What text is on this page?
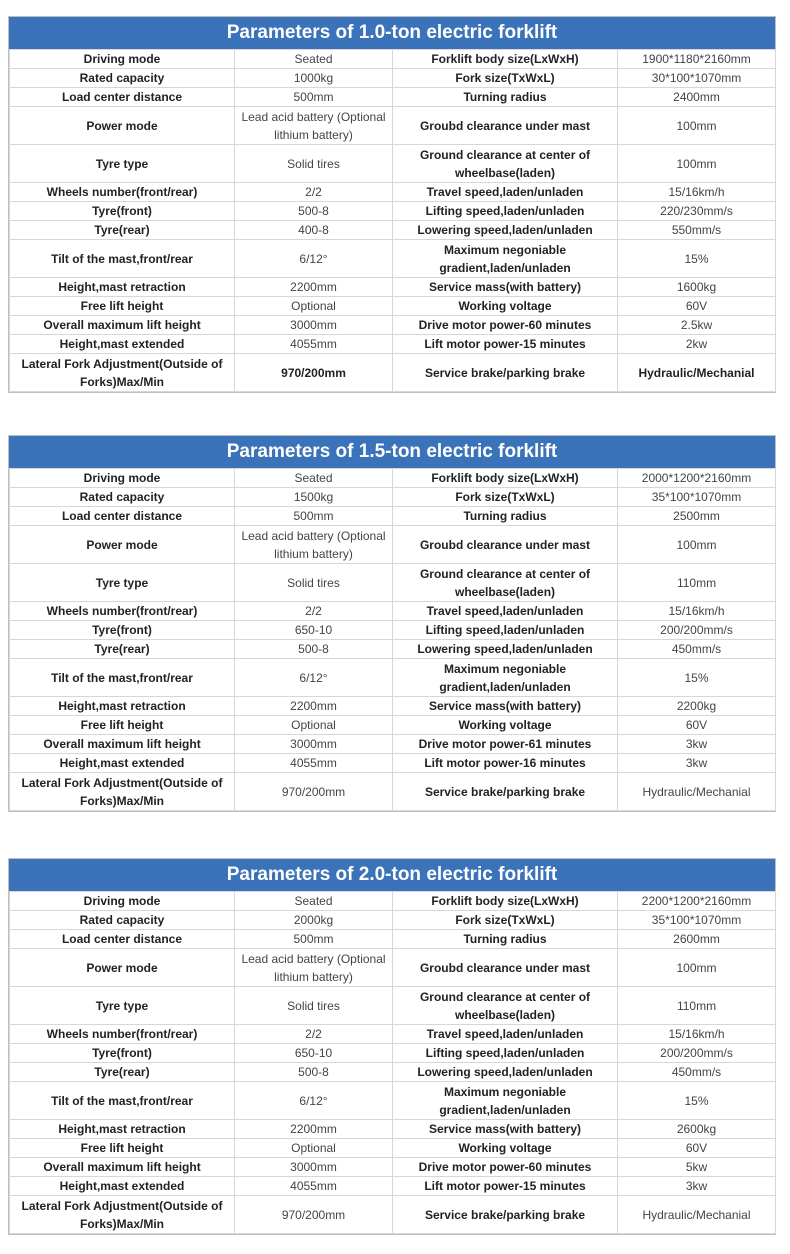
Parameters of 1.0-ton electric forklift
Driving mode	Seated	Forklift body size(LxWxH)	1900*1180*2160mm
Rated capacity	1000kg	Fork size(TxWxL)	30*100*1070mm
Load center distance	500mm	Turning radius	2400mm
Power mode	Lead acid battery (Optional lithium battery)	Groubd clearance under mast	100mm
Tyre type	Solid tires	Ground clearance at center of wheelbase(laden)	100mm
Wheels number(front/rear)	2/2	Travel speed,laden/unladen	15/16km/h
Tyre(front)	500-8	Lifting speed,laden/unladen	220/230mm/s
Tyre(rear)	400-8	Lowering speed,laden/unladen	550mm/s
Tilt of the mast,front/rear	6/12°	Maximum negoniable gradient,laden/unladen	15%
Height,mast retraction	2200mm	Service mass(with battery)	1600kg
Free lift height	Optional	Working voltage	60V
Overall maximum lift height	3000mm	Drive motor power-60 minutes	2.5kw
Height,mast extended	4055mm	Lift motor power-15 minutes	2kw
Lateral Fork Adjustment(Outside of Forks)Max/Min	970/200mm	Service brake/parking brake	Hydraulic/Mechanial
Parameters of 1.5-ton electric forklift
Driving mode	Seated	Forklift body size(LxWxH)	2000*1200*2160mm
Rated capacity	1500kg	Fork size(TxWxL)	35*100*1070mm
Load center distance	500mm	Turning radius	2500mm
Power mode	Lead acid battery (Optional lithium battery)	Groubd clearance under mast	100mm
Tyre type	Solid tires	Ground clearance at center of wheelbase(laden)	110mm
Wheels number(front/rear)	2/2	Travel speed,laden/unladen	15/16km/h
Tyre(front)	650-10	Lifting speed,laden/unladen	200/200mm/s
Tyre(rear)	500-8	Lowering speed,laden/unladen	450mm/s
Tilt of the mast,front/rear	6/12°	Maximum negoniable gradient,laden/unladen	15%
Height,mast retraction	2200mm	Service mass(with battery)	2200kg
Free lift height	Optional	Working voltage	60V
Overall maximum lift height	3000mm	Drive motor power-61 minutes	3kw
Height,mast extended	4055mm	Lift motor power-16 minutes	3kw
Lateral Fork Adjustment(Outside of Forks)Max/Min	970/200mm	Service brake/parking brake	Hydraulic/Mechanial
Parameters of 2.0-ton electric forklift
Driving mode	Seated	Forklift body size(LxWxH)	2200*1200*2160mm
Rated capacity	2000kg	Fork size(TxWxL)	35*100*1070mm
Load center distance	500mm	Turning radius	2600mm
Power mode	Lead acid battery (Optional lithium battery)	Groubd clearance under mast	100mm
Tyre type	Solid tires	Ground clearance at center of wheelbase(laden)	110mm
Wheels number(front/rear)	2/2	Travel speed,laden/unladen	15/16km/h
Tyre(front)	650-10	Lifting speed,laden/unladen	200/200mm/s
Tyre(rear)	500-8	Lowering speed,laden/unladen	450mm/s
Tilt of the mast,front/rear	6/12°	Maximum negoniable gradient,laden/unladen	15%
Height,mast retraction	2200mm	Service mass(with battery)	2600kg
Free lift height	Optional	Working voltage	60V
Overall maximum lift height	3000mm	Drive motor power-60 minutes	5kw
Height,mast extended	4055mm	Lift motor power-15 minutes	3kw
Lateral Fork Adjustment(Outside of Forks)Max/Min	970/200mm	Service brake/parking brake	Hydraulic/Mechanial
